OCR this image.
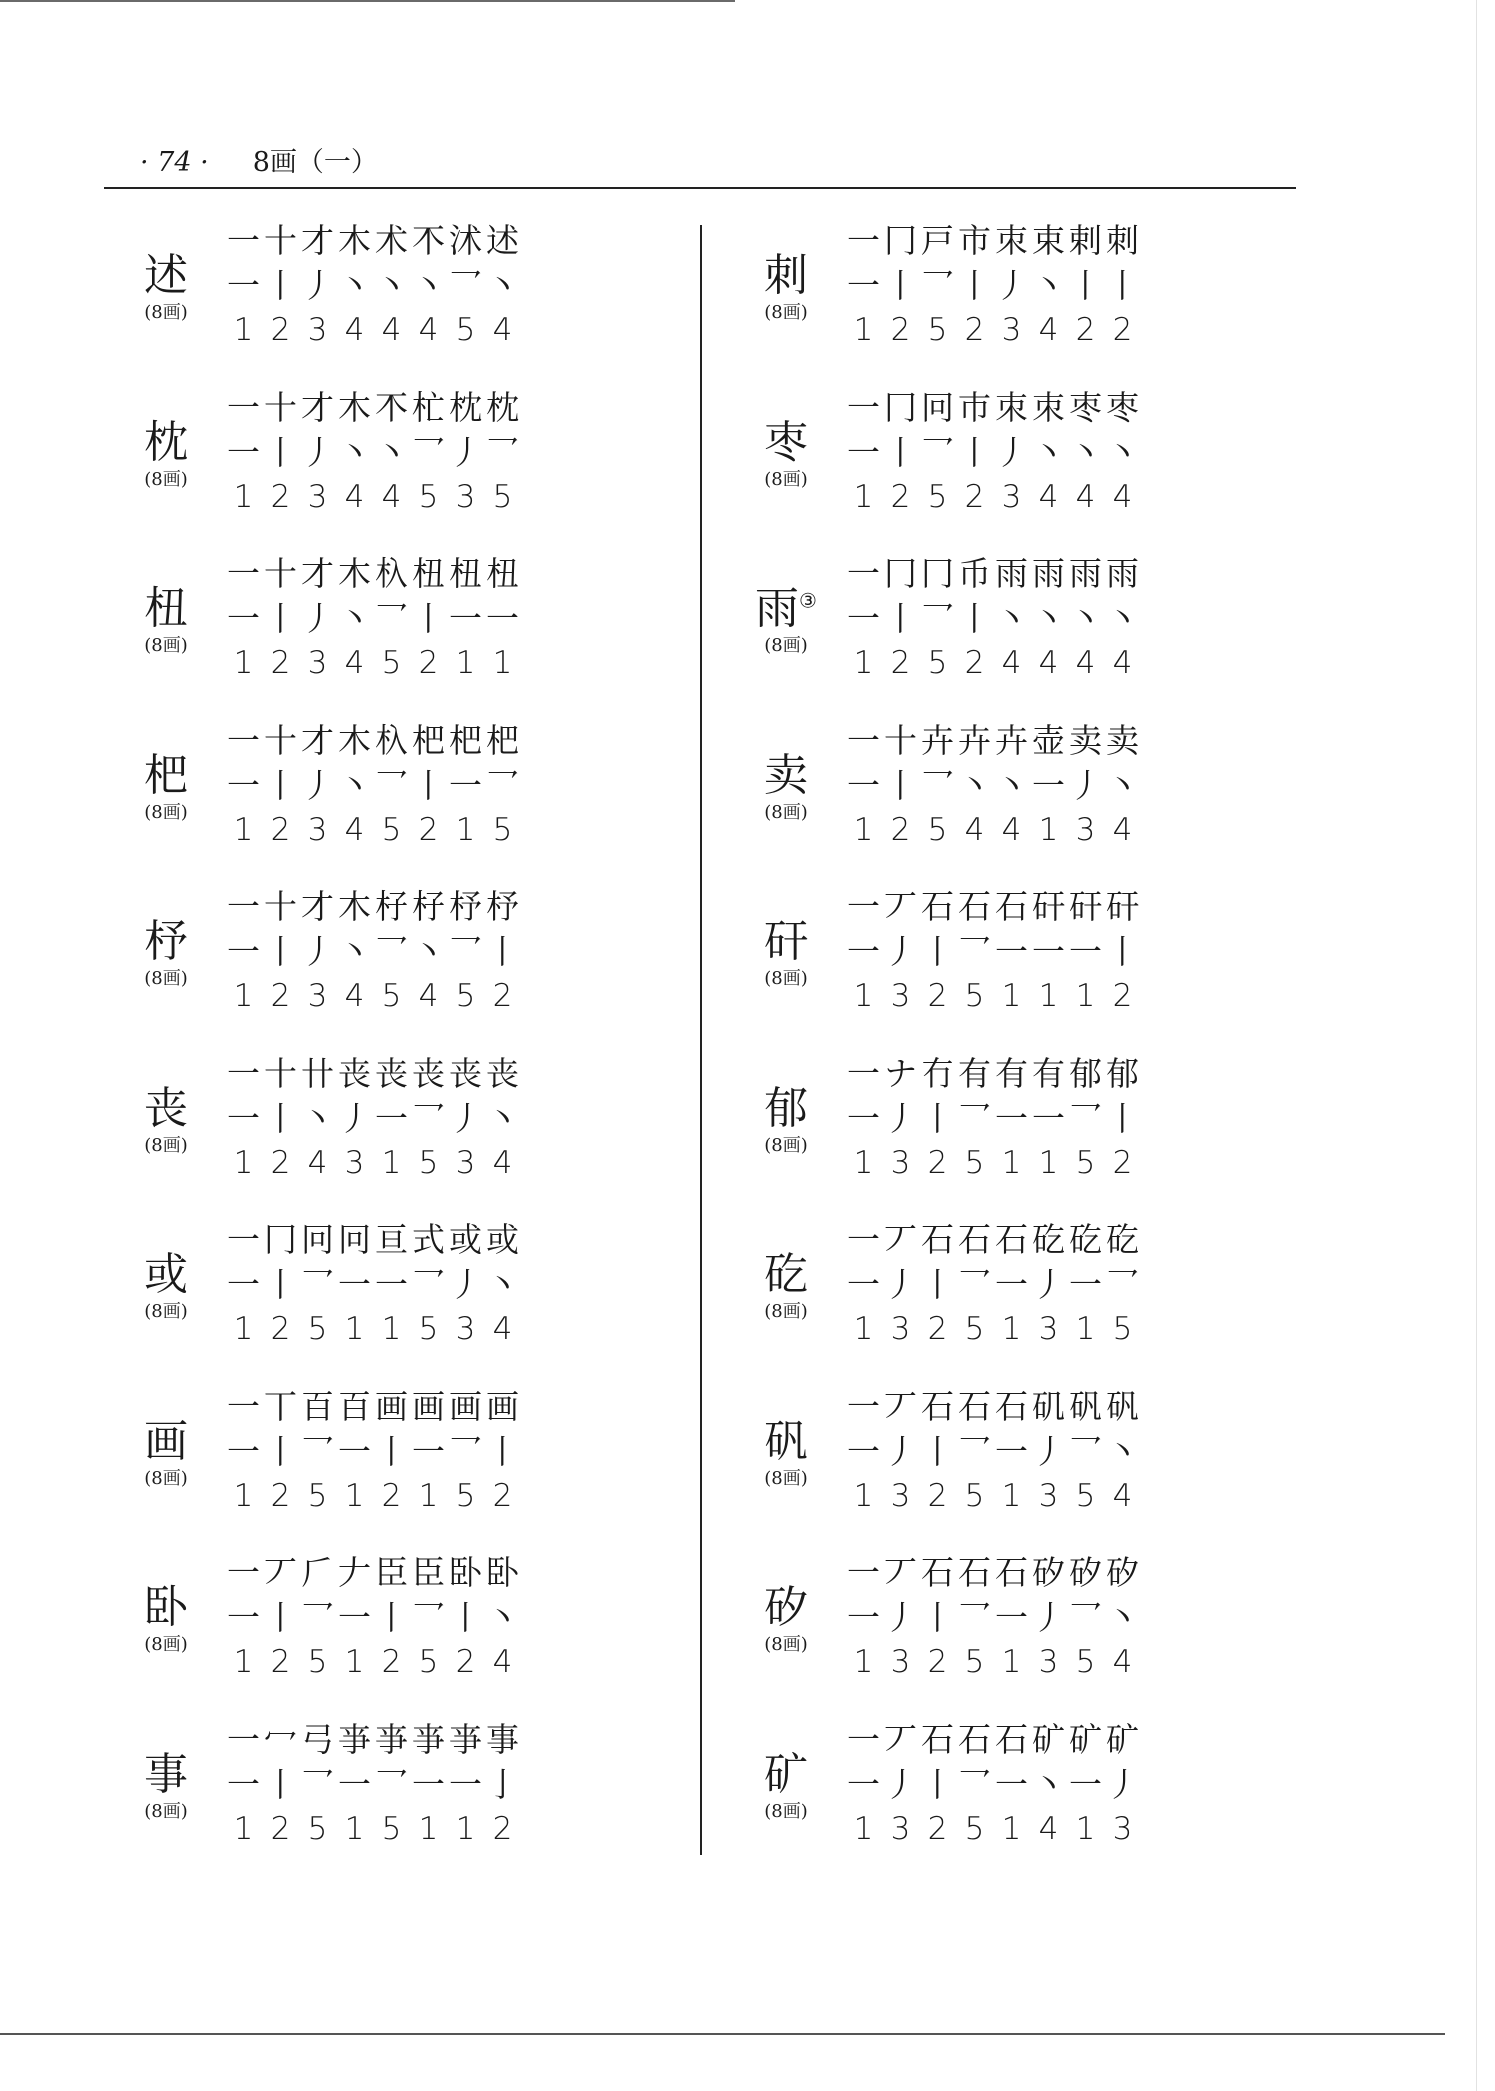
· 74 · 8画（一）
述
(8画)
一 十 才 木 术 𣎴 沭 述
一 丨 丿 丶 丶 丶 乛 丶
1 2 3 4 4 4 5 4
枕
(8画)
一 十 才 木 𣎴 杧 枕 枕
一 丨 丿 丶 丶 乛 丿 乛
1 2 3 4 4 5 3 5
杻
(8画)
一 十 才 木 杁 杻 杻 杻
一 丨 丿 丶 乛 丨 一 一
1 2 3 4 5 2 1 1
杷
(8画)
一 十 才 木 杁 杷 杷 杷
一 丨 丿 丶 乛 丨 一 乛
1 2 3 4 5 2 1 5
杼
(8画)
一 十 才 木 杍 杍 杼 杼
一 丨 丿 丶 乛 丶 乛 丨
1 2 3 4 5 4 5 2
丧
(8画)
一 十 卄 丧 丧 丧 丧 丧
一 丨 丶 丿 一 乛 丿 丶
1 2 4 3 1 5 3 4
或
(8画)
一 冂 冋 冋 亘 式 或 或
一 丨 乛 一 一 乛 丿 丶
1 2 5 1 1 5 3 4
画
(8画)
一 丅 百 百 画 画 画 画
一 丨 乛 一 丨 一 乛 丨
1 2 5 1 2 1 5 2
卧
(8画)
一 丆 𠂆 𠂇 臣 臣 卧 卧
一 丨 乛 一 丨 乛 丨 丶
1 2 5 1 2 5 2 4
事
(8画)
一 冖 弓 亊 亊 亊 亊 事
一 丨 乛 一 乛 一 一 亅
1 2 5 1 5 1 1 2
刺
(8画)
一 冂 戸 市 朿 束 剌 刺
一 丨 乛 丨 丿 丶 丨 丨
1 2 5 2 3 4 2 2
枣
(8画)
一 冂 冋 巿 朿 朿 枣 枣
一 丨 乛 丨 丿 丶 丶 丶
1 2 5 2 3 4 4 4
雨③
(8画)
一 冂 冂 币 雨 雨 雨 雨
一 丨 乛 丨 丶 丶 丶 丶
1 2 5 2 4 4 4 4
卖
(8画)
一 十 卉 卉 卉 壶 卖 卖
一 丨 乛 丶 丶 一 丿 丶
1 2 5 4 4 1 3 4
矸
(8画)
一 丆 石 石 石 矸 矸 矸
一 丿 丨 乛 一 一 一 丨
1 3 2 5 1 1 1 2
郁
(8画)
一 ナ 冇 有 有 有 郁 郁
一 丿 丨 乛 一 一 乛 丨
1 3 2 5 1 1 5 2
矻
(8画)
一 丆 石 石 石 矻 矻 矻
一 丿 丨 乛 一 丿 一 乛
1 3 2 5 1 3 1 5
矾
(8画)
一 丆 石 石 石 矶 矾 矾
一 丿 丨 乛 一 丿 乛 丶
1 3 2 5 1 3 5 4
矽
(8画)
一 丆 石 石 石 矽 矽 矽
一 丿 丨 乛 一 丿 乛 丶
1 3 2 5 1 3 5 4
矿
(8画)
一 丆 石 石 石 矿 矿 矿
一 丿 丨 乛 一 丶 一 丿
1 3 2 5 1 4 1 3
